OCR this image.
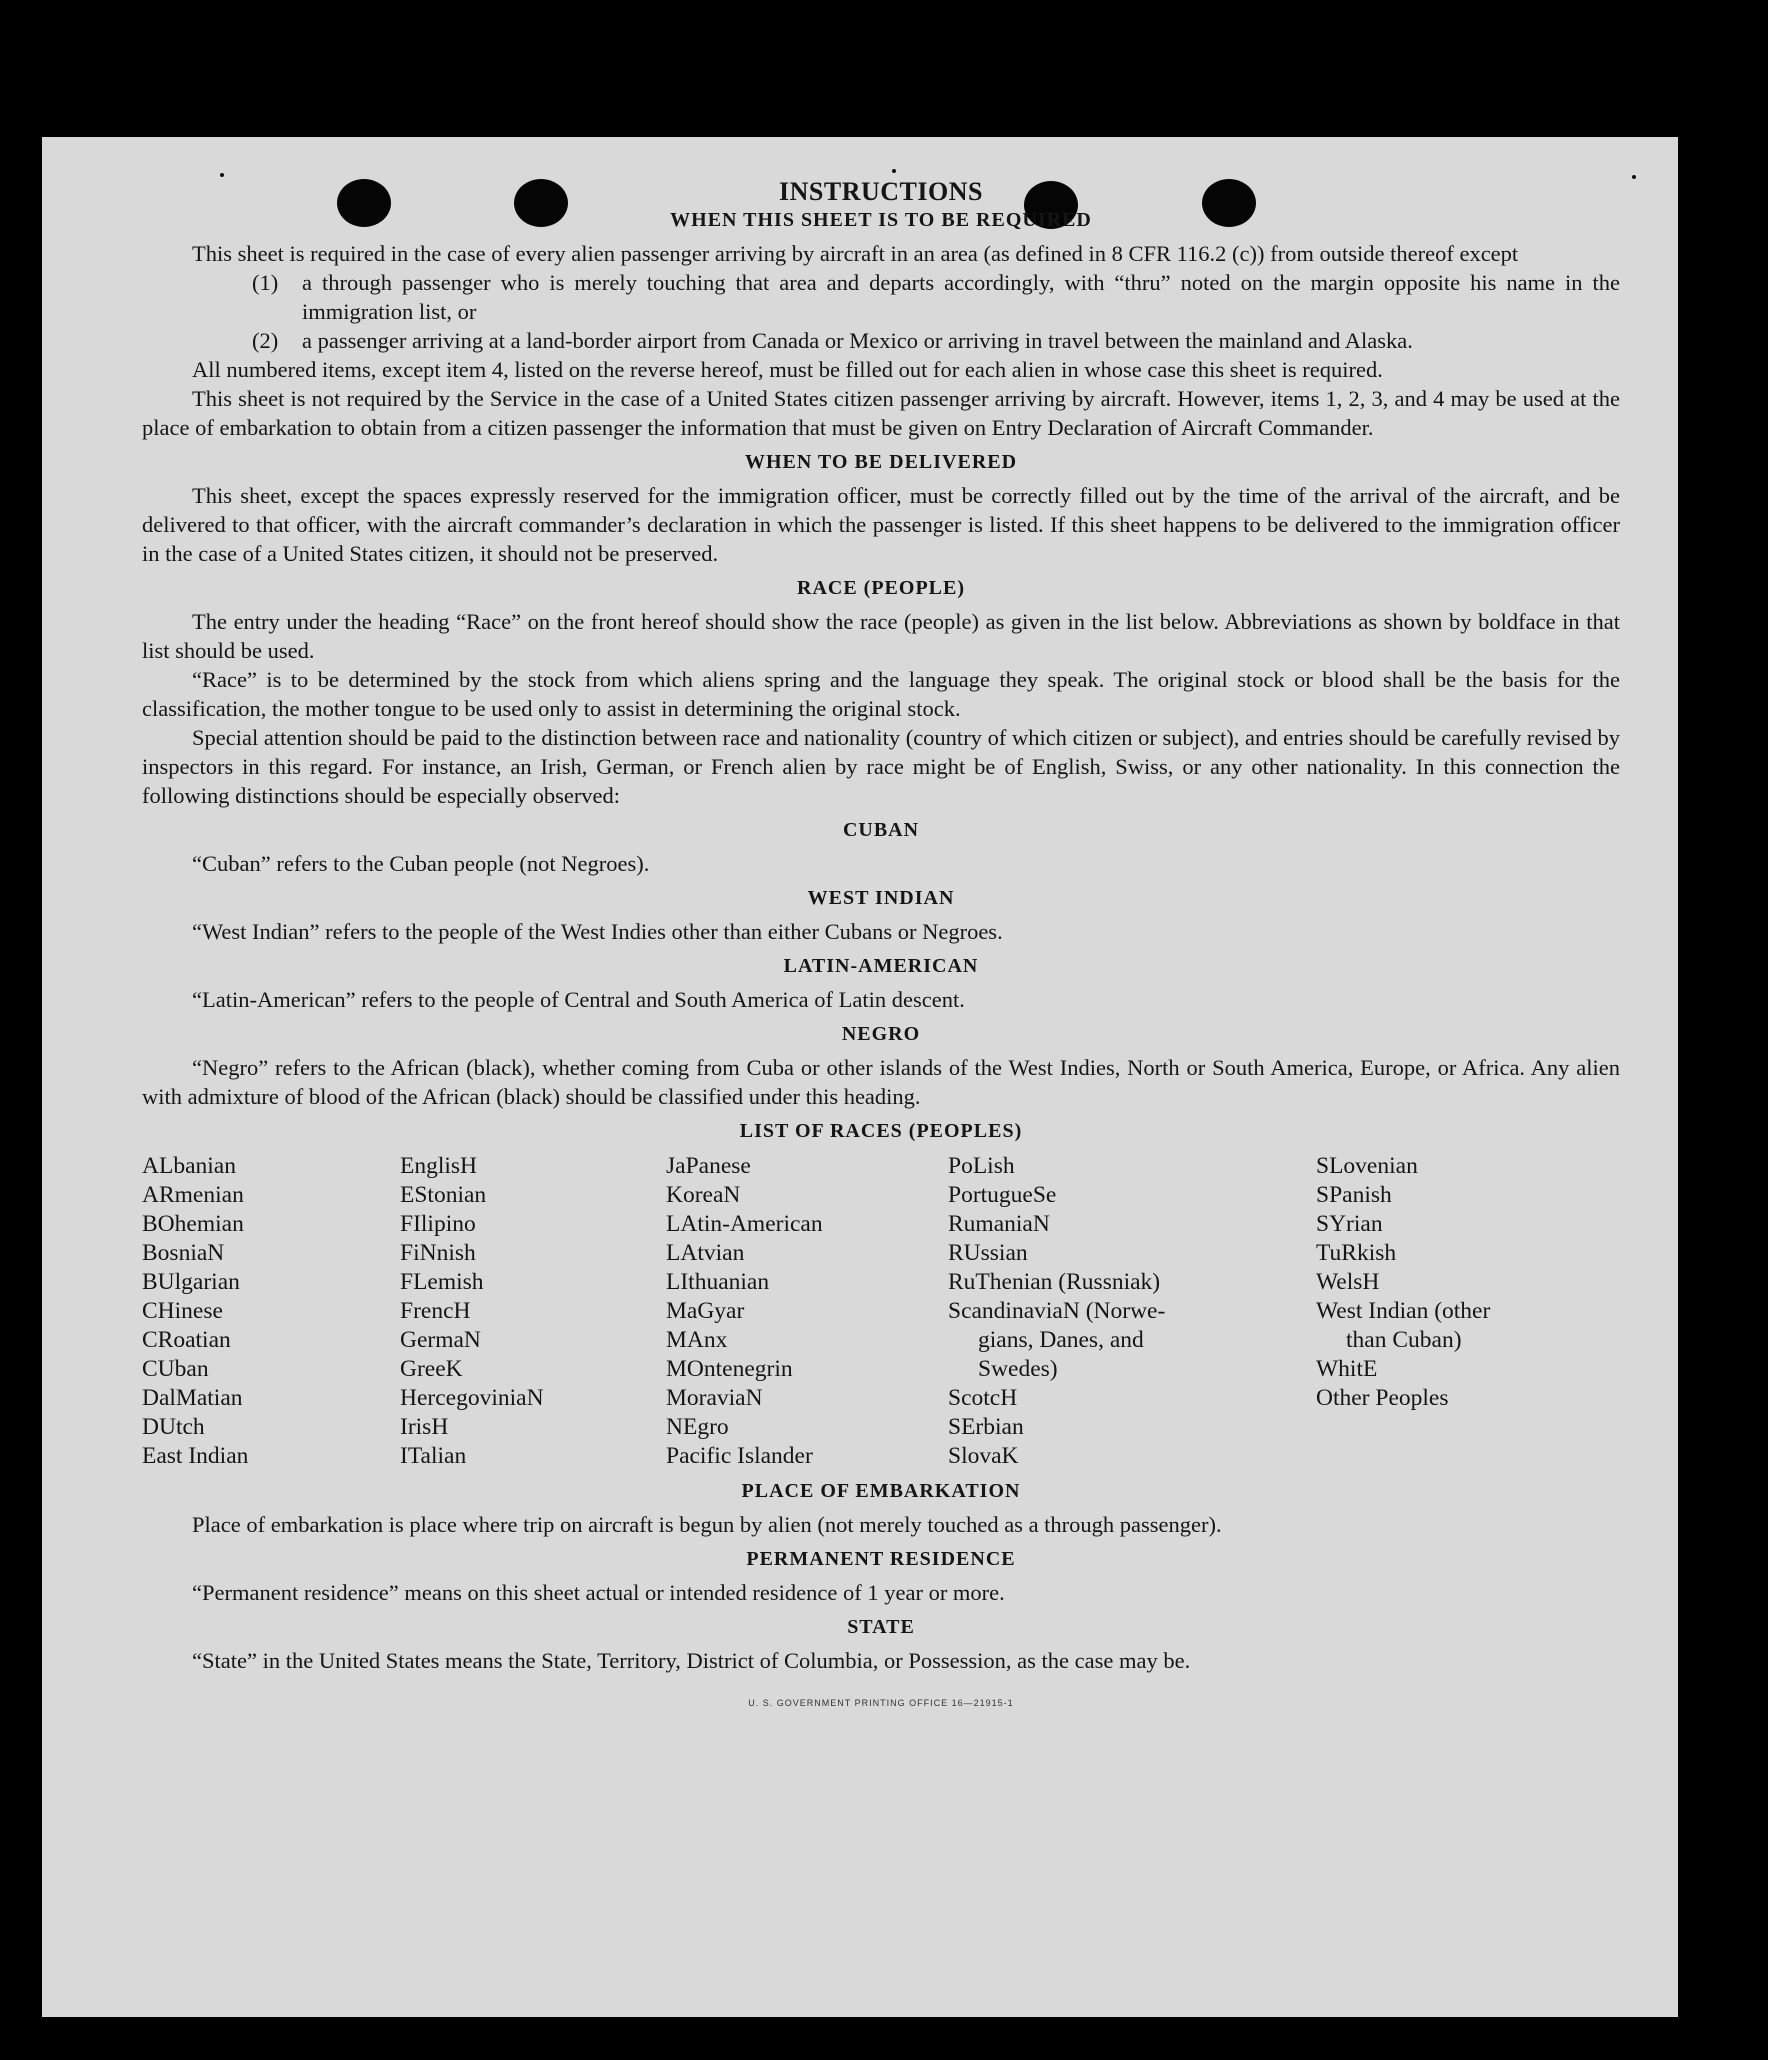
INSTRUCTIONS
WHEN THIS SHEET IS TO BE REQUIRED

This sheet is required in the case of every alien passenger arriving by aircraft in an area (as defined in 8 CFR 116.2 (c)) from outside thereof except

(1)	a through passenger who is merely touching that area and departs accordingly, with “thru” noted on the margin opposite his name in the immigration list, or
(2)	a passenger arriving at a land-border airport from Canada or Mexico or arriving in travel between the mainland and Alaska.

All numbered items, except item 4, listed on the reverse hereof, must be filled out for each alien in whose case this sheet is required.

This sheet is not required by the Service in the case of a United States citizen passenger arriving by aircraft. However, items 1, 2, 3, and 4 may be used at the place of embarkation to obtain from a citizen passenger the information that must be given on Entry Declaration of Aircraft Commander.

WHEN TO BE DELIVERED

This sheet, except the spaces expressly reserved for the immigration officer, must be correctly filled out by the time of the arrival of the aircraft, and be delivered to that officer, with the aircraft commander’s declaration in which the passenger is listed. If this sheet happens to be delivered to the immigration officer in the case of a United States citizen, it should not be preserved.

RACE (PEOPLE)

The entry under the heading “Race” on the front hereof should show the race (people) as given in the list below. Abbreviations as shown by boldface in that list should be used.

“Race” is to be determined by the stock from which aliens spring and the language they speak. The original stock or blood shall be the basis for the classification, the mother tongue to be used only to assist in determining the original stock.

Special attention should be paid to the distinction between race and nationality (country of which citizen or subject), and entries should be carefully revised by inspectors in this regard. For instance, an Irish, German, or French alien by race might be of English, Swiss, or any other nationality. In this connection the following distinctions should be especially observed:

CUBAN
“Cuban” refers to the Cuban people (not Negroes).
WEST INDIAN
“West Indian” refers to the people of the West Indies other than either Cubans or Negroes.
LATIN-AMERICAN
“Latin-American” refers to the people of Central and South America of Latin descent.
NEGRO

“Negro” refers to the African (black), whether coming from Cuba or other islands of the West Indies, North or South America, Europe, or Africa. Any alien with admixture of blood of the African (black) should be classified under this heading.

LIST OF RACES (PEOPLES)
ALbanian
ARmenian
BOhemian
BosniaN
BUlgarian
CHinese
CRoatian
CUban
DalMatian
DUtch
East Indian
EnglisH
EStonian
FIlipino
FiNnish
FLemish
FrencH
GermaN
GreeK
HercegoviniaN
IrisH
ITalian
JaPanese
KoreaN
LAtin-American
LAtvian
LIthuanian
MaGyar
MAnx
MOntenegrin
MoraviaN
NEgro
Pacific Islander
PoLish
PortugueSe
RumaniaN
RUssian
RuThenian (Russniak)
ScandinaviaN (Norwe-
gians, Danes, and
Swedes)
ScotcH
SErbian
SlovaK
SLovenian
SPanish
SYrian
TuRkish
WelsH
West Indian (other
than Cuban)
WhitE
Other Peoples
PLACE OF EMBARKATION

Place of embarkation is place where trip on aircraft is begun by alien (not merely touched as a through passenger).

PERMANENT RESIDENCE
“Permanent residence” means on this sheet actual or intended residence of 1 year or more.
STATE

“State” in the United States means the State, Territory, District of Columbia, or Possession, as the case may be.

U. S. GOVERNMENT PRINTING OFFICE 16—21915-1
